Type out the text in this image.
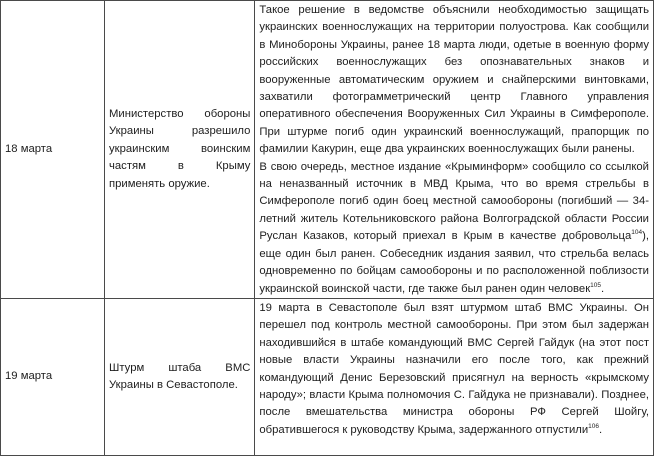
18 марта	Министерство обороны Украины разрешило украинским воинским частям в Крыму применять оружие.	Такое решение в ведомстве объяснили необходимостью защищать украинских военнослужащих на территории полуострова. Как сообщили в Минобороны Украины, ранее 18 марта люди, одетые в военную форму российских военнослужащих без опознавательных знаков и вооруженные автоматическим оружием и снайперскими винтовками, захватили фотограмметрический центр Главного управления оперативного обеспечения Вооруженных Сил Украины в Симферополе. При штурме погиб один украинский военнослужащий, прапорщик по фамилии Какурин, еще два украинских военнослужащих были ранены.

В свою очередь, местное издание «Крыминформ» сообщило со ссылкой на неназванный источник в МВД Крыма, что во время стрельбы в Симферополе погиб один боец местной самообороны (погибший — 34-летний житель Котельниковского района Волгоградской области России Руслан Казаков, который приехал в Крым в качестве добровольца$^{104}$), еще один был ранен. Собеседник издания заявил, что стрельба велась одновременно по бойцам самообороны и по расположенной поблизости украинской воинской части, где также был ранен один человек$^{105}$.

19 марта	Штурм штаба ВМС Украины в Севастополе.	19 марта в Севастополе был взят штурмом штаб ВМС Украины. Он перешел под контроль местной самообороны. При этом был задержан находившийся в штабе командующий ВМС Сергей Гайдук (на этот пост новые власти Украины назначили его после того, как прежний командующий Денис Березовский присягнул на верность «крымскому народу»; власти Крыма полномочия С. Гайдука не признавали). Позднее, после вмешательства министра обороны РФ Сергей Шойгу, обратившегося к руководству Крыма, задержанного отпустили$^{106}$.
